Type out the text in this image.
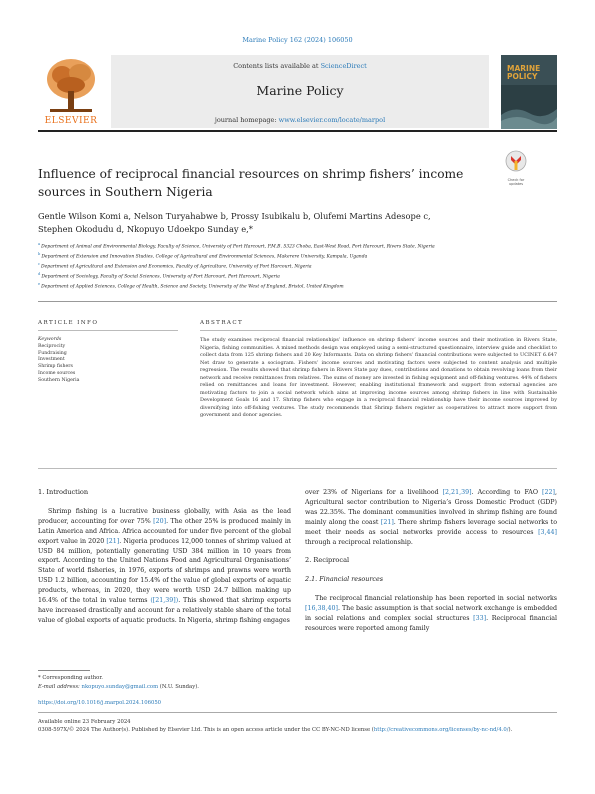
Marine Policy 162 (2024) 106050
ELSEVIER
Contents lists available at ScienceDirect
Marine Policy
journal homepage: www.elsevier.com/locate/marpol
MARINE POLICY
Influence of reciprocal financial resources on shrimp fishers’ income sources in Southern Nigeria
Check for updates
Gentle Wilson Komi a, Nelson Turyahabwe b, Prossy Isubikalu b, Olufemi Martins Adesope c,
Stephen Okodudu d, Nkopuyo Udoekpo Sunday e,*
$^a$Department of Animal and Environmental Biology, Faculty of Science, University of Port Harcourt, P.M.B. 5323 Choba, East-West Road, Port Harcourt, Rivers State, Nigeria
$^b$Department of Extension and Innovation Studies, College of Agricultural and Environmental Sciences, Makerere University, Kampala, Uganda
$^c$Department of Agricultural and Extension and Economics, Faculty of Agriculture, University of Port Harcourt, Nigeria
$^d$Department of Sociology, Faculty of Social Sciences, University of Port Harcourt, Port Harcourt, Nigeria
$^e$Department of Applied Sciences, College of Health, Science and Society, University of the West of England, Bristol, United Kingdom
ARTICLE INFO	ABSTRACT
Keywords
Reciprocity
Fundraising
Investment
Shrimp fishers
Income sources
Southern Nigeria
The study examines reciprocal financial relationships’ influence on shrimp fishers’ income sources and their motivation in Rivers State, Nigeria, fishing communities. A mixed methods design was employed using a semi-structured questionnaire, interview guide and checklist to collect data from 125 shrimp fishers and 20 Key Informants. Data on shrimp fishers’ financial contributions were subjected to UCINET 6.647 Net draw to generate a sociogram. Fishers’ income sources and motivating factors were subjected to content analysis and multiple regression. The results showed that shrimp fishers in Rivers State pay dues, contributions and donations to obtain revolving loans from their network and receive remittances from relatives. The sums of money are invested in fishing equipment and off-fishing ventures. 44% of fishers relied on remittances and loans for investment. However, enabling institutional framework and support from external agencies are motivating factors to join a social network which aims at improving income sources among shrimp fishers in line with Sustainable Development Goals 16 and 17. Shrimp fishers who engage in a reciprocal financial relationship have their income sources improved by diversifying into off-fishing ventures. The study recommends that Shrimp fishers register as cooperatives to attract more support from government and donor agencies.
1. Introduction

Shrimp fishing is a lucrative business globally, with Asia as the lead producer, accounting for over 75% [20]. The other 25% is produced mainly in Latin America and Africa. Africa accounted for under five percent of the global export value in 2020 [21]. Nigeria produces 12,000 tonnes of shrimp valued at USD 84 million, potentially generating USD 384 million in 10 years from export. According to the United Nations Food and Agricultural Organisations’ State of world fisheries, in 1976, exports of shrimps and prawns were worth USD 1.2 billion, accounting for 15.4% of the value of global exports of aquatic products, whereas, in 2020, they were worth USD 24.7 billion making up 16.4% of the total in value terms ([21,39]). This showed that shrimp exports have increased drastically and account for a relatively stable share of the total value of global exports of aquatic products. In Nigeria, shrimp fishing engages

over 23% of Nigerians for a livelihood [2,21,39]. According to FAO [22], Agricultural sector contribution to Nigeria’s Gross Domestic Product (GDP) was 22.35%. The dominant communities involved in shrimp fishing are found mainly along the coast [21]. There shrimp fishers leverage social networks to meet their needs as social networks provide access to resources [3,44] through a reciprocal relationship.

2. Reciprocal
2.1. Financial resources

The reciprocal financial relationship has been reported in social networks [16,38,40]. The basic assumption is that social network exchange is embedded in social relations and complex social structures [33]. Reciprocal financial resources were reported among family

* Corresponding author.
E-mail address: nkopuyo.sunday@gmail.com (N.U. Sunday).
https://doi.org/10.1016/j.marpol.2024.106050
Available online 23 February 2024
0308-597X/© 2024 The Author(s). Published by Elsevier Ltd. This is an open access article under the CC BY-NC-ND license (http://creativecommons.org/licenses/by-nc-nd/4.0/).
